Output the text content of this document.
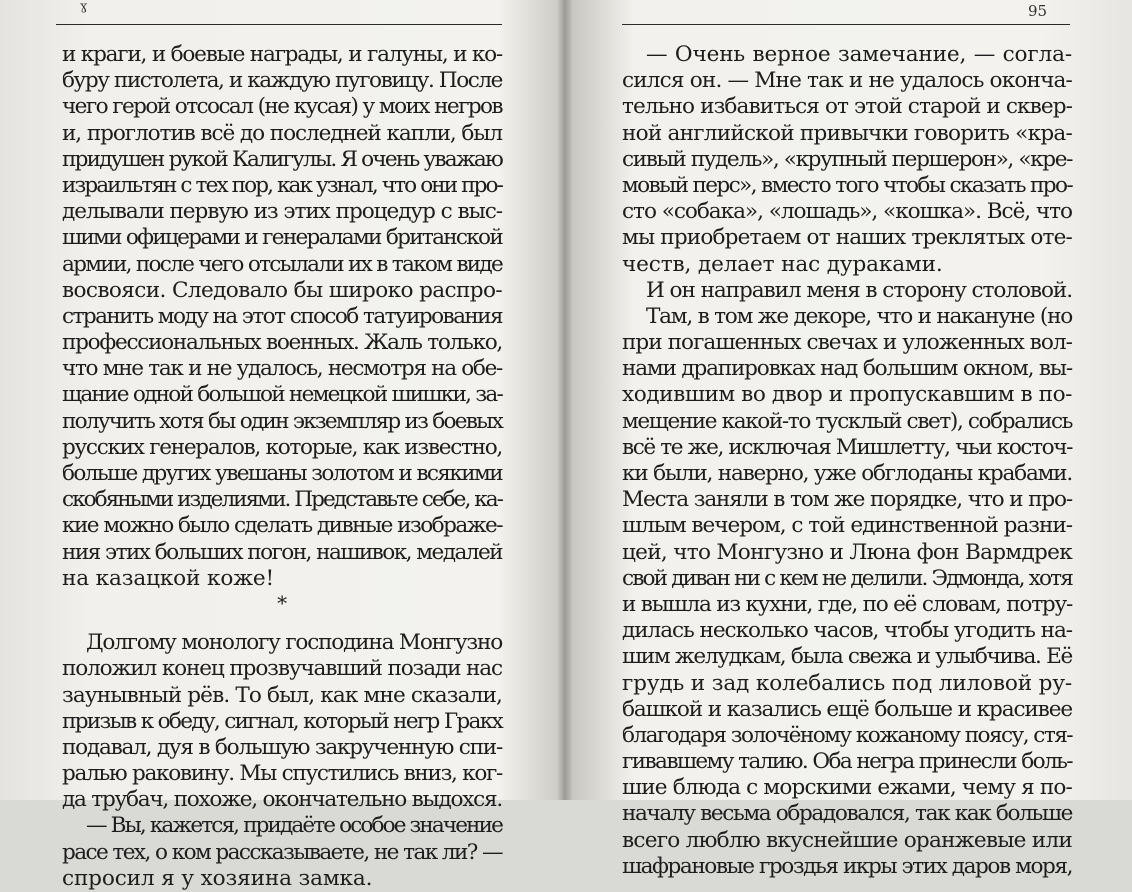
ɣ
и краги, и боевые награды, и галуны, и ко-
буру пистолета, и каждую пуговицу. После
чего герой отсосал (не кусая) у моих негров
и, проглотив всё до последней капли, был
придушен рукой Калигулы. Я очень уважаю
израильтян с тех пор, как узнал, что они про-
делывали первую из этих процедур с выс-
шими офицерами и генералами британской
армии, после чего отсылали их в таком виде
восвояси. Следовало бы широко распро-
странить моду на этот способ татуирования
профессиональных военных. Жаль только,
что мне так и не удалось, несмотря на обе-
щание одной большой немецкой шишки, за-
получить хотя бы один экземпляр из боевых
русских генералов, которые, как известно,
больше других увешаны золотом и всякими
скобяными изделиями. Представьте себе, ка-
кие можно было сделать дивные изображе-
ния этих больших погон, нашивок, медалей
на казацкой коже!
*
Долгому монологу господина Монгузно
положил конец прозвучавший позади нас
заунывный рёв. То был, как мне сказали,
призыв к обеду, сигнал, который негр Гракх
подавал, дуя в большую закрученную спи-
ралью раковину. Мы спустились вниз, ког-
да трубач, похоже, окончательно выдохся.
— Вы, кажется, придаёте особое значение
расе тех, о ком рассказываете, не так ли? —
спросил я у хозяина замка.
95
— Очень верное замечание, — согла-
сился он. — Мне так и не удалось оконча-
тельно избавиться от этой старой и сквер-
ной английской привычки говорить «кра-
сивый пудель», «крупный першерон», «кре-
мовый перс», вместо того чтобы сказать про-
сто «собака», «лошадь», «кошка». Всё, что
мы приобретаем от наших треклятых оте-
честв, делает нас дураками.
И он направил меня в сторону столовой.
Там, в том же декоре, что и накануне (но
при погашенных свечах и уложенных вол-
нами драпировках над большим окном, вы-
ходившим во двор и пропускавшим в по-
мещение какой-то тусклый свет), собрались
всё те же, исключая Мишлетту, чьи косточ-
ки были, наверно, уже обглоданы крабами.
Места заняли в том же порядке, что и про-
шлым вечером, с той единственной разни-
цей, что Монгузно и Люна фон Вармдрек
свой диван ни с кем не делили. Эдмонда, хотя
и вышла из кухни, где, по её словам, потру-
дилась несколько часов, чтобы угодить на-
шим желудкам, была свежа и улыбчива. Её
грудь и зад колебались под лиловой ру-
башкой и казались ещё больше и красивее
благодаря золочёному кожаному поясу, стя-
гивавшему талию. Оба негра принесли боль-
шие блюда с морскими ежами, чему я по-
началу весьма обрадовался, так как больше
всего люблю вкуснейшие оранжевые или
шафрановые гроздья икры этих даров моря,
